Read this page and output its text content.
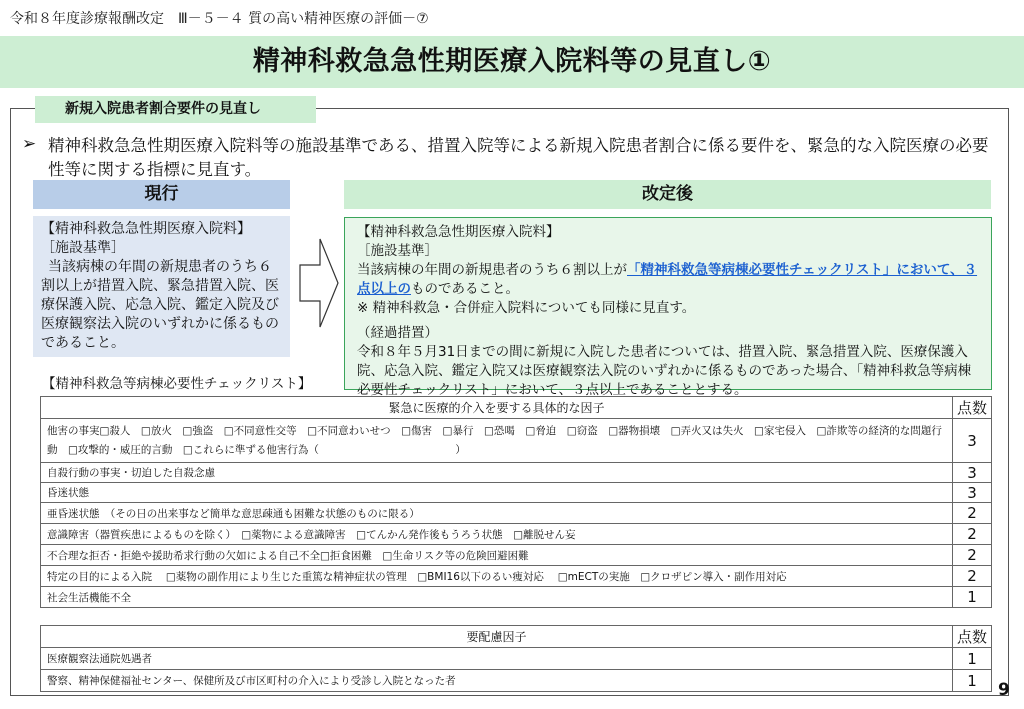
令和８年度診療報酬改定　Ⅲ－５－４ 質の高い精神医療の評価－⑦
精神科救急急性期医療入院料等の見直し①
新規入院患者割合要件の見直し
➢ 精神科救急急性期医療入院料等の施設基準である、措置入院等による新規入院患者割合に係る要件を、緊急的な入院医療の必要性等に関する指標に見直す。
現行	改定後
【精神科救急急性期医療入院料】
［施設基準］
当該病棟の年間の新規患者のうち６割以上が措置入院、緊急措置入院、医療保護入院、応急入院、鑑定入院及び医療観察法入院のいずれかに係るものであること。
【精神科救急急性期医療入院料】
［施設基準］
当該病棟の年間の新規患者のうち６割以上が「精神科救急等病棟必要性チェックリスト」において、３点以上のものであること。
※ 精神科救急・合併症入院料についても同様に見直す。
（経過措置）
令和８年５月31日までの間に新規に入院した患者については、措置入院、緊急措置入院、医療保護入院、応急入院、鑑定入院又は医療観察法入院のいずれかに係るものであった場合、「精神科救急等病棟必要性チェックリスト」において、３点以上であることとする。
【精神科救急等病棟必要性チェックリスト】
緊急に医療的介入を要する具体的な因子	点数
他害の事実□殺人　□放火　□強盗　□不同意性交等　□不同意わいせつ　□傷害　□暴行　□恐喝　□脅迫　□窃盗　□器物損壊　□弄火又は失火　□家宅侵入　□詐欺等の経済的な問題行動　□攻撃的・威圧的言動　□これらに準ずる他害行為（　　　　　　　　　　　　　）	3
自殺行動の事実・切迫した自殺念慮	3
昏迷状態	3
亜昏迷状態　（その日の出来事など簡単な意思疎通も困難な状態のものに限る）	2
意識障害（器質疾患によるものを除く）　□薬物による意識障害　□てんかん発作後もうろう状態　□離脱せん妄	2
不合理な拒否・拒絶や援助希求行動の欠如による自己不全□拒食困難　□生命リスク等の危険回避困難	2
特定の目的による入院　 □薬物の副作用により生じた重篤な精神症状の管理　□BMI16以下のるい痩対応　 □mECTの実施　□クロザピン導入・副作用対応	2
社会生活機能不全	1
要配慮因子	点数
医療観察法通院処遇者	1
警察、精神保健福祉センター、保健所及び市区町村の介入により受診し入院となった者	1 9
